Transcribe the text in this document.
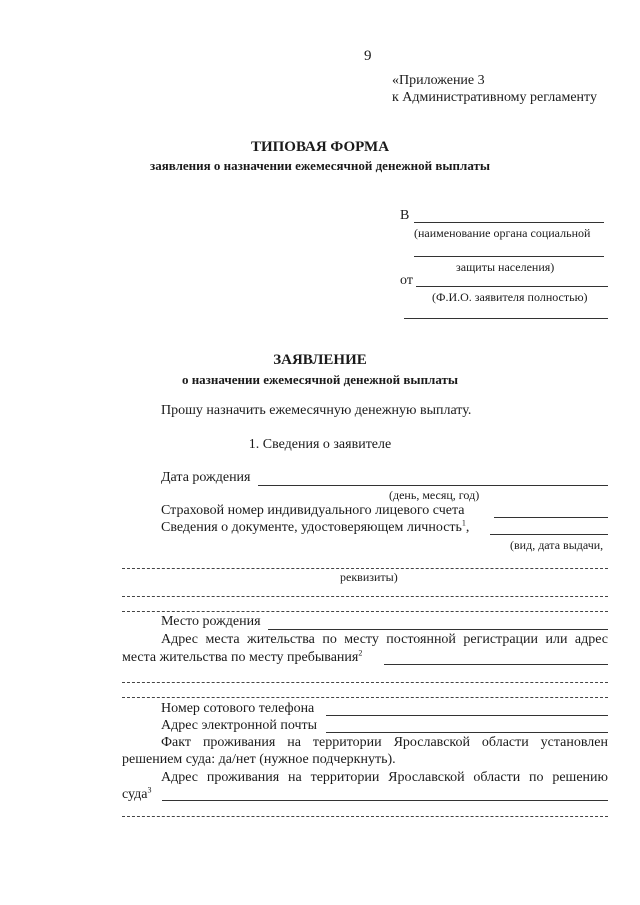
9
«Приложение 3
к Административному регламенту
ТИПОВАЯ ФОРМА
заявления о назначении ежемесячной денежной выплаты
В
(наименование органа социальной
защиты населения)
от
(Ф.И.О. заявителя полностью)
ЗАЯВЛЕНИЕ
о назначении ежемесячной денежной выплаты
Прошу назначить ежемесячную денежную выплату.
1. Сведения о заявителе
Дата рождения
(день, месяц, год)
Страховой номер индивидуального лицевого счета
Сведения о документе, удостоверяющем личность$^1$,
(вид, дата выдачи,
реквизиты)
Место рождения
Адрес места жительства по месту постоянной регистрации или адрес
места жительства по месту пребывания$^2$
Номер сотового телефона
Адрес электронной почты
Факт проживания на территории Ярославской области установлен
решением суда: да/нет (нужное подчеркнуть).
Адрес проживания на территории Ярославской области по решению
суда$^3$
